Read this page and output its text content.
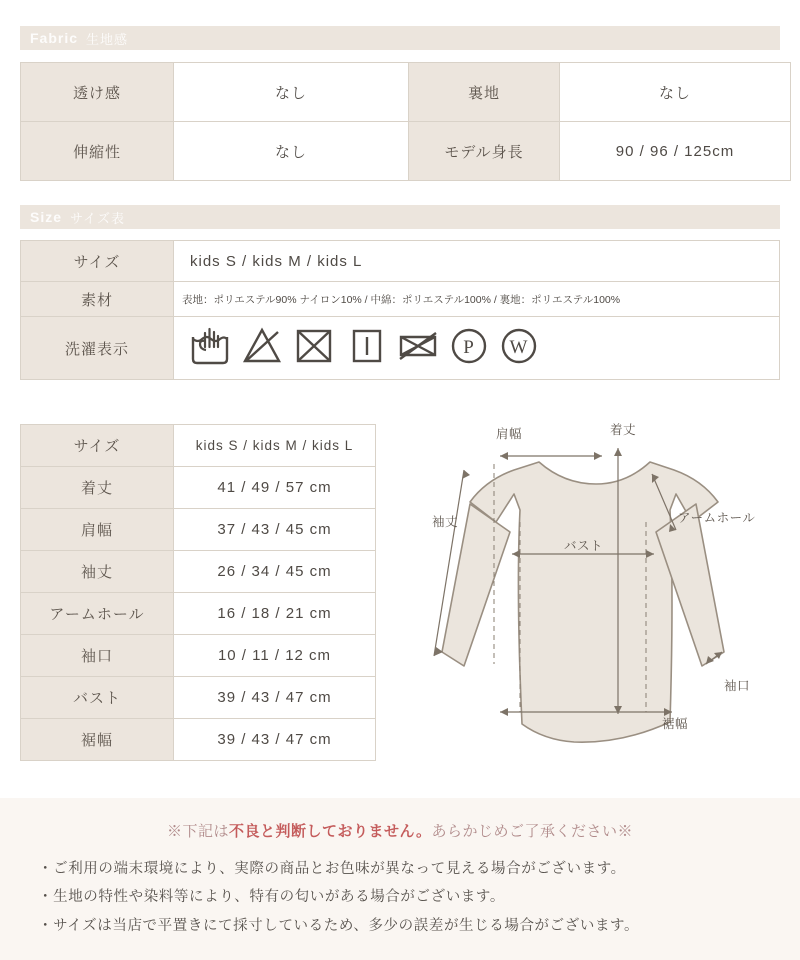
Fabric 生地感
透け感	なし	裏地	なし
伸縮性	なし	モデル身長	90 / 96 / 125cm
Size サイズ表
サイズ	kids S / kids M / kids L
素材	表地：ポリエステル90% ナイロン10% / 中綿：ポリエステル100% / 裏地：ポリエステル100%
洗濯表示	P W
サイズ	kids S / kids M / kids L
着丈	41 / 49 / 57 cm
肩幅	37 / 43 / 45 cm
袖丈	26 / 34 / 45 cm
アームホール	16 / 18 / 21 cm
袖口	10 / 11 / 12 cm
バスト	39 / 43 / 47 cm
裾幅	39 / 43 / 47 cm
肩幅	着丈
袖丈	アームホール
バスト
袖口
裾幅
※下記は不良と判断しておりません。あらかじめご了承ください※
・ご利用の端末環境により、実際の商品とお色味が異なって見える場合がございます。
・生地の特性や染料等により、特有の匂いがある場合がございます。
・サイズは当店で平置きにて採寸しているため、多少の誤差が生じる場合がございます。
